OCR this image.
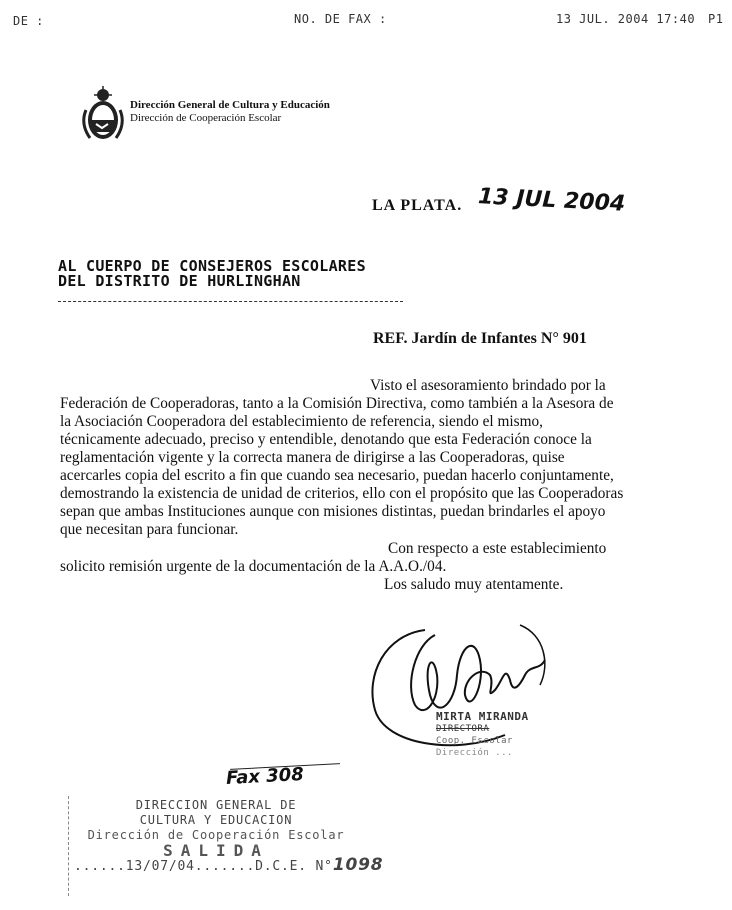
DE :	NO. DE FAX :	13 JUL. 2004 17:40 P1
Dirección General de Cultura y Educación
Dirección de Cooperación Escolar
LA PLATA. 13 JUL 2004
AL CUERPO DE CONSEJEROS ESCOLARES
DEL DISTRITO DE HURLINGHAN
REF. Jardín de Infantes N° 901
Visto el asesoramiento brindado por la
Federación de Cooperadoras, tanto a la Comisión Directiva, como también a la Asesora de
la Asociación Cooperadora del establecimiento de referencia, siendo el mismo,
técnicamente adecuado, preciso y entendible, denotando que esta Federación conoce la
reglamentación vigente y la correcta manera de dirigirse a las Cooperadoras, quise
acercarles copia del escrito a fin que cuando sea necesario, puedan hacerlo conjuntamente,
demostrando la existencia de unidad de criterios, ello con el propósito que las Cooperadoras
sepan que ambas Instituciones aunque con misiones distintas, puedan brindarles el apoyo
que necesitan para funcionar.
Con respecto a este establecimiento
solicito remisión urgente de la documentación de la A.A.O./04.
Los saludo muy atentamente.
MIRTA MIRANDA
DIRECTORA
Coop. Escolar
Dirección ...
Fax 308
DIRECCION GENERAL DE
CULTURA Y EDUCACION
Dirección de Cooperación Escolar
SALIDA
......13/07/04.......D.C.E. N°1098
